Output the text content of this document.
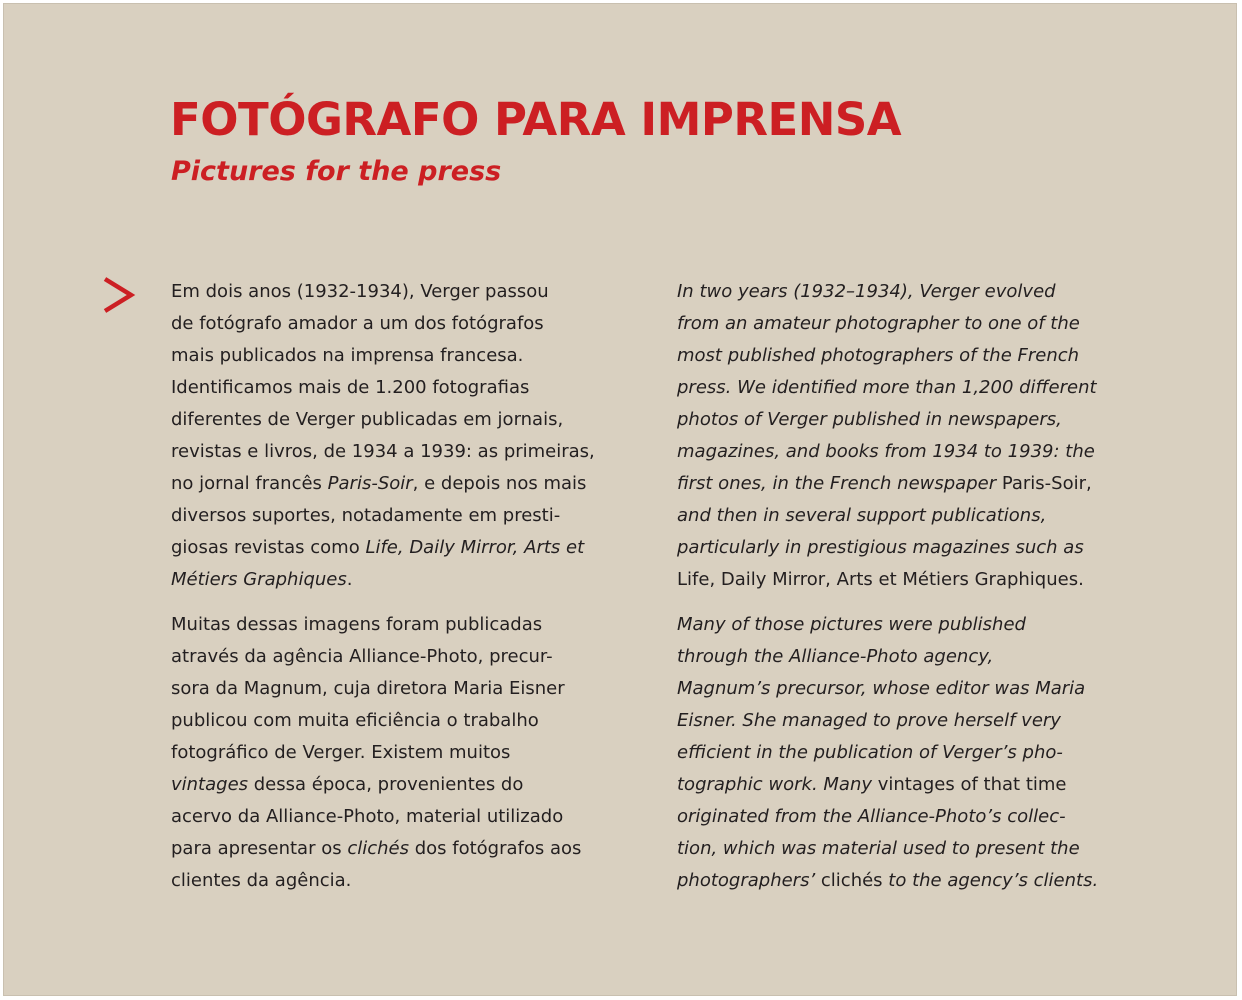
FOTÓGRAFO PARA IMPRENSA
Pictures for the press

Em dois anos (1932-1934), Verger passou
de fotógrafo amador a um dos fotógrafos
mais publicados na imprensa francesa.
Identificamos mais de 1.200 fotografias
diferentes de Verger publicadas em jornais,
revistas e livros, de 1934 a 1939: as primeiras,
no jornal francês Paris-Soir, e depois nos mais
diversos suportes, notadamente em presti-
giosas revistas como Life, Daily Mirror, Arts et
Métiers Graphiques.

Muitas dessas imagens foram publicadas
através da agência Alliance-Photo, precur-
sora da Magnum, cuja diretora Maria Eisner
publicou com muita eficiência o trabalho
fotográfico de Verger. Existem muitos
vintages dessa época, provenientes do
acervo da Alliance-Photo, material utilizado
para apresentar os clichés dos fotógrafos aos
clientes da agência.

In two years (1932–1934), Verger evolved
from an amateur photographer to one of the
most published photographers of the French
press. We identified more than 1,200 different
photos of Verger published in newspapers,
magazines, and books from 1934 to 1939: the
first ones, in the French newspaper Paris-Soir,
and then in several support publications,
particularly in prestigious magazines such as
Life, Daily Mirror, Arts et Métiers Graphiques.

Many of those pictures were published
through the Alliance-Photo agency,
Magnum’s precursor, whose editor was Maria
Eisner. She managed to prove herself very
efficient in the publication of Verger’s pho-
tographic work. Many vintages of that time
originated from the Alliance-Photo’s collec-
tion, which was material used to present the
photographers’ clichés to the agency’s clients.
